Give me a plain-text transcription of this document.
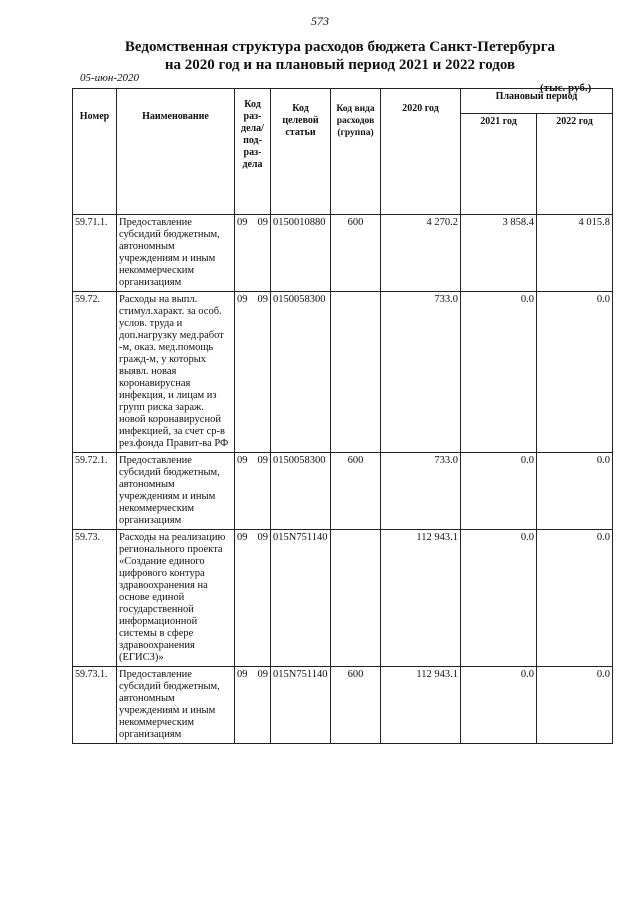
573
Ведомственная структура расходов бюджета Санкт-Петербурга
на 2020 год и на плановый период 2021 и 2022 годов
05-июн-2020
(тыс. руб.)
Номер	Наименование	Код раз-дела/под-раз-дела	Код целевой статьи	Код вида расходов (группа)	2020 год	Плановый период	
						2021 год	2022 год
59.71.1.	Предоставление субсидий бюджетным, автономным учреждениям и иным некоммерческим организациям	09 09	0150010880	600	4 270.2	3 858.4	4 015.8
59.72.	Расходы на выпл. стимул.характ. за особ. услов. труда и доп.нагрузку мед.работ -м, оказ. мед.помощь гражд-м, у которых выявл. новая коронавирусная инфекция, и лицам из групп риска зараж. новой коронавирусной инфекцией, за счет ср-в рез.фонда Правит-ва РФ	09 09	0150058300		733.0	0.0	0.0
59.72.1.	Предоставление субсидий бюджетным, автономным учреждениям и иным некоммерческим организациям	09 09	0150058300	600	733.0	0.0	0.0
59.73.	Расходы на реализацию регионального проекта «Создание единого цифрового контура здравоохранения на основе единой государственной информационной системы в сфере здравоохранения (ЕГИСЗ)»	09 09	015N751140		112 943.1	0.0	0.0
59.73.1.	Предоставление субсидий бюджетным, автономным учреждениям и иным некоммерческим организациям	09 09	015N751140	600	112 943.1	0.0	0.0
